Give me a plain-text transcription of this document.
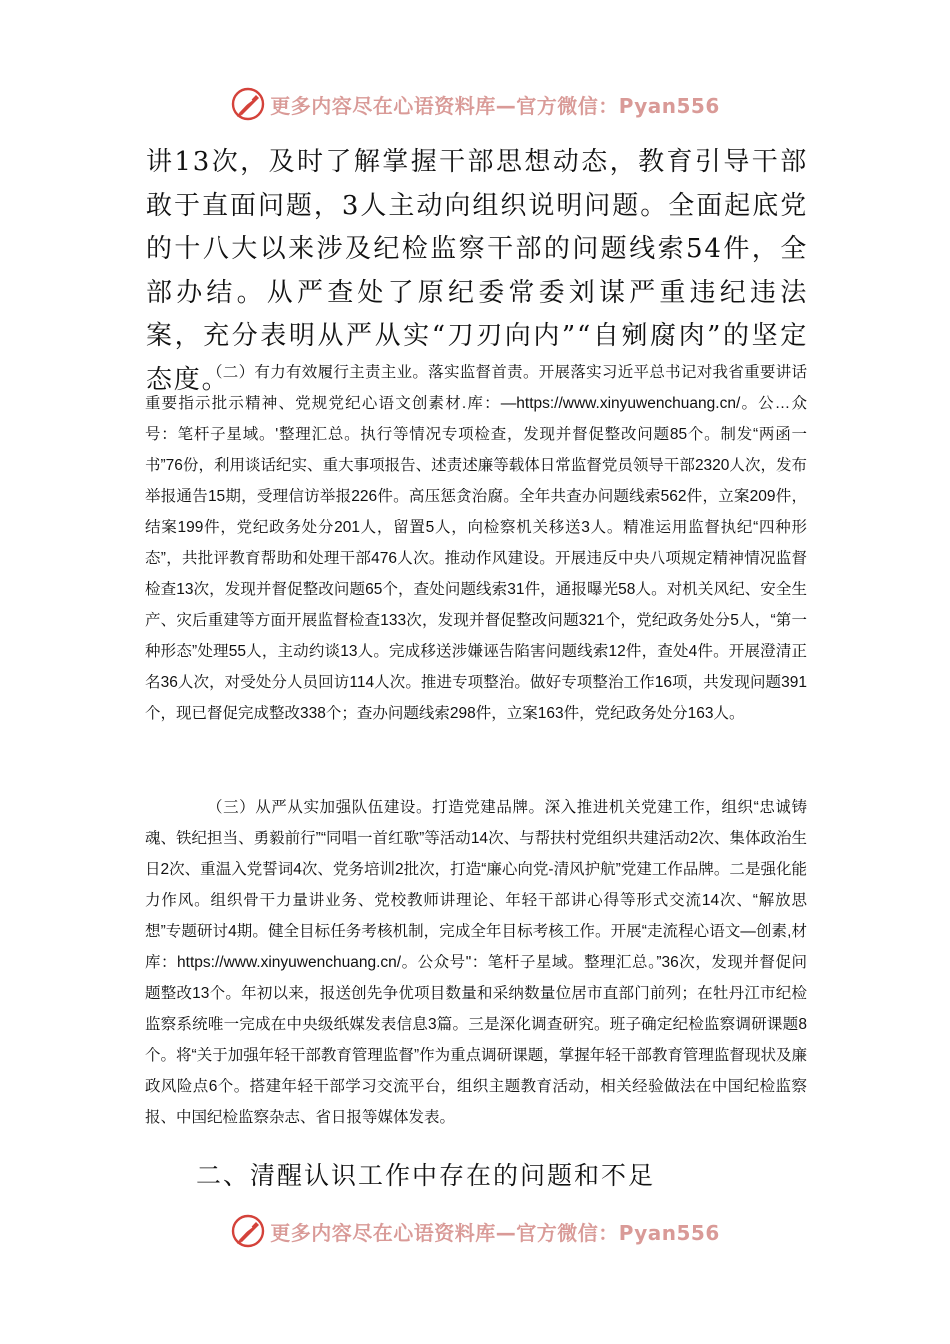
更多内容尽在心语资料库—官方微信：Pyan556

讲13次，及时了解掌握干部思想动态，教育引导干部敢于直面问题，3人主动向组织说明问题。全面起底党的十八大以来涉及纪检监察干部的问题线索54件，全部办结。从严查处了原纪委常委刘谋严重违纪违法案，充分表明从严从实“刀刃向内”“自剜腐肉”的坚定态度。

（二）有力有效履行主责主业。落实监督首责。开展落实习近平总书记对我省重要讲话重要指示批示精神、党规党纪心语文创素材.库：—https://www.xinyuwenchuang.cn/。公…众号：笔杆子星域。'整理汇总。执行等情况专项检查，发现并督促整改问题85个。制发“两函一书”76份，利用谈话纪实、重大事项报告、述责述廉等载体日常监督党员领导干部2320人次，发布举报通告15期，受理信访举报226件。高压惩贪治腐。全年共查办问题线索562件，立案209件，结案199件，党纪政务处分201人，留置5人，向检察机关移送3人。精准运用监督执纪“四种形态”，共批评教育帮助和处理干部476人次。推动作风建设。开展违反中央八项规定精神情况监督检查13次，发现并督促整改问题65个，查处问题线索31件，通报曝光58人。对机关风纪、安全生产、灾后重建等方面开展监督检查133次，发现并督促整改问题321个，党纪政务处分5人，“第一种形态”处理55人，主动约谈13人。完成移送涉嫌诬告陷害问题线索12件，查处4件。开展澄清正名36人次，对受处分人员回访114人次。推进专项整治。做好专项整治工作16项，共发现问题391个，现已督促完成整改338个；查办问题线索298件，立案163件，党纪政务处分163人。

（三）从严从实加强队伍建设。打造党建品牌。深入推进机关党建工作，组织“忠诚铸魂、铁纪担当、勇毅前行”“同唱一首红歌”等活动14次、与帮扶村党组织共建活动2次、集体政治生日2次、重温入党誓词4次、党务培训2批次，打造“廉心向党-清风护航”党建工作品牌。二是强化能力作风。组织骨干力量讲业务、党校教师讲理论、年轻干部讲心得等形式交流14次、“解放思想”专题研讨4期。健全目标任务考核机制，完成全年目标考核工作。开展“走流程心语文—创素,材库：https://www.xinyuwenchuang.cn/。公众号"：笔杆子星域。整理汇总。”36次，发现并督促问题整改13个。年初以来，报送创先争优项目数量和采纳数量位居市直部门前列；在牡丹江市纪检监察系统唯一完成在中央级纸媒发表信息3篇。三是深化调查研究。班子确定纪检监察调研课题8个。将“关于加强年轻干部教育管理监督”作为重点调研课题，掌握年轻干部教育管理监督现状及廉政风险点6个。搭建年轻干部学习交流平台，组织主题教育活动，相关经验做法在中国纪检监察报、中国纪检监察杂志、省日报等媒体发表。

二、清醒认识工作中存在的问题和不足
更多内容尽在心语资料库—官方微信：Pyan556
